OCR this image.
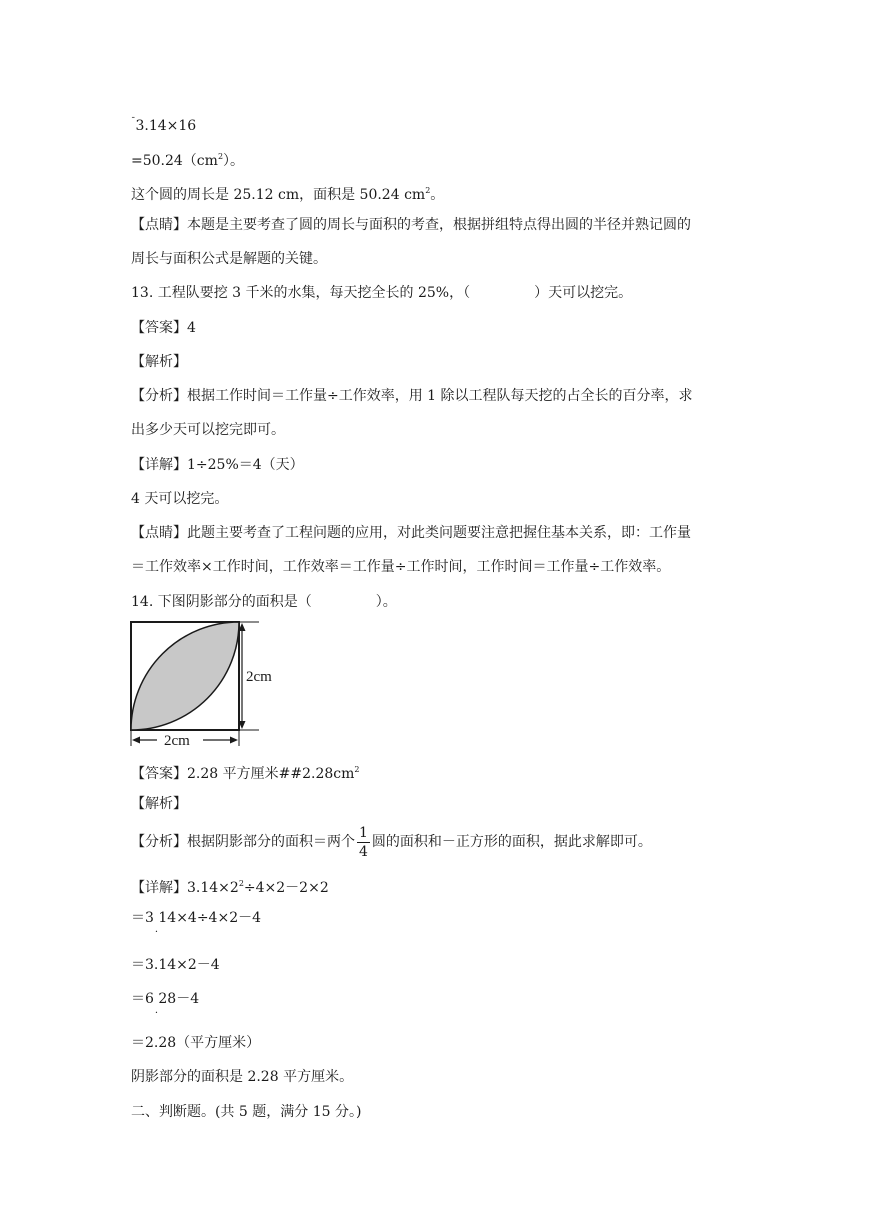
¯3.14×16
$=50.24(cm^2)$。
这个圆的周长是 25.12 cm，面积是 50.24 $cm^2$。
【点睛】本题是主要考查了圆的周长与面积的考查，根据拼组特点得出圆的半径并熟记圆的
周长与面积公式是解题的关键。
13. 工程队要挖 3 千米的水集，每天挖全长的 25%，（	）天可以挖完。
【答案】4
【解析】
【分析】根据工作时间＝工作量÷工作效率，用 1 除以工程队每天挖的占全长的百分率，求
出多少天可以挖完即可。
【详解】1÷25%＝4（天）
4 天可以挖完。
【点睛】此题主要考查了工程问题的应用，对此类问题要注意把握住基本关系，即：工作量
＝工作效率×工作时间，工作效率＝工作量÷工作时间，工作时间＝工作量÷工作效率。
14. 下图阴影部分的面积是（	）。
2cm
2cm
【答案】2.28 平方厘米$\#\#2.28cm^2$
【解析】
【分析】根据阴影部分的面积＝两个 $\frac{1}{4}$ 圆的面积和－正方形的面积，据此求解即可。
【详解】$3.14\times 2^2\div 4\times 2-2\times 2$
＝3
·
14×4÷4×2－4
＝3.14×2－4
＝6
·
28－4
＝2.28（平方厘米）
阴影部分的面积是 2.28 平方厘米。
二、判断题。(共 5 题，满分 15 分。)
